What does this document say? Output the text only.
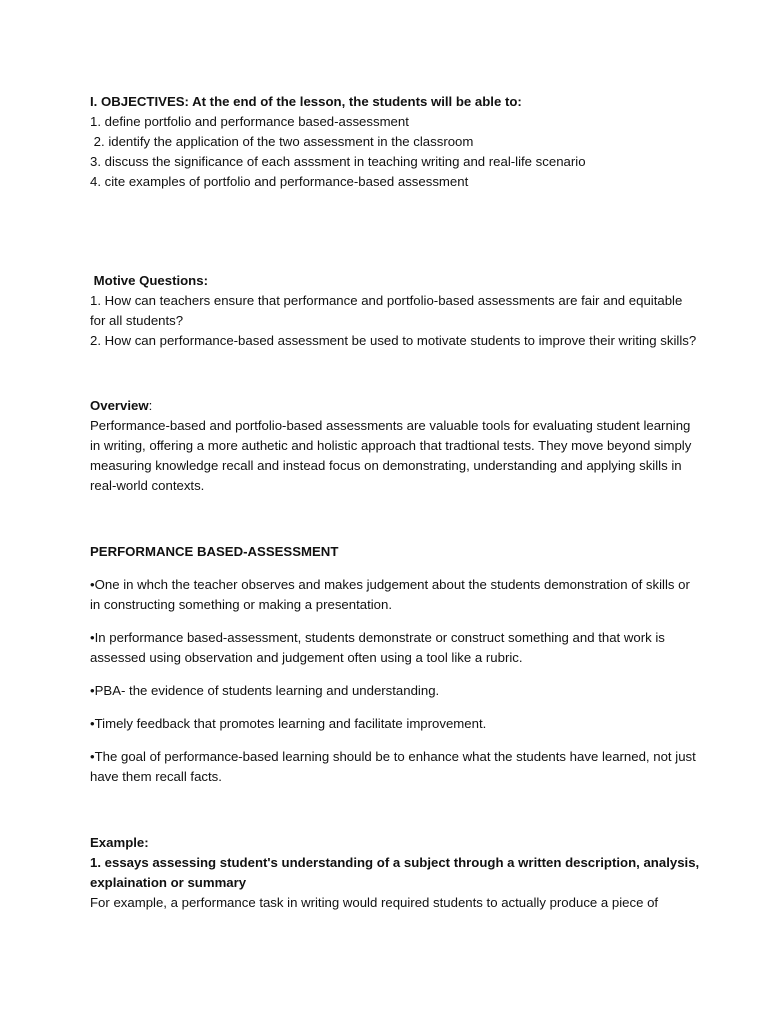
I. OBJECTIVES: At the end of the lesson, the students will be able to:
1. define portfolio and performance based-assessment
2. identify the application of the two assessment in the classroom
3. discuss the significance of each asssment in teaching writing and real-life scenario
4. cite examples of portfolio and performance-based assessment
Motive Questions:
1. How can teachers ensure that performance and portfolio-based assessments are fair and equitable
for all students?
2. How can performance-based assessment be used to motivate students to improve their writing skills?
Overview:
Performance-based and portfolio-based assessments are valuable tools for evaluating student learning
in writing, offering a more authetic and holistic approach that tradtional tests. They move beyond simply
measuring knowledge recall and instead focus on demonstrating, understanding and applying skills in
real-world contexts.
PERFORMANCE BASED-ASSESSMENT
•One in whch the teacher observes and makes judgement about the students demonstration of skills or
in constructing something or making a presentation.
•In performance based-assessment, students demonstrate or construct something and that work is
assessed using observation and judgement often using a tool like a rubric.
•PBA- the evidence of students learning and understanding.
•Timely feedback that promotes learning and facilitate improvement.
•The goal of performance-based learning should be to enhance what the students have learned, not just
have them recall facts.
Example:
1. essays assessing student's understanding of a subject through a written description, analysis,
explaination or summary
For example, a performance task in writing would required students to actually produce a piece of
